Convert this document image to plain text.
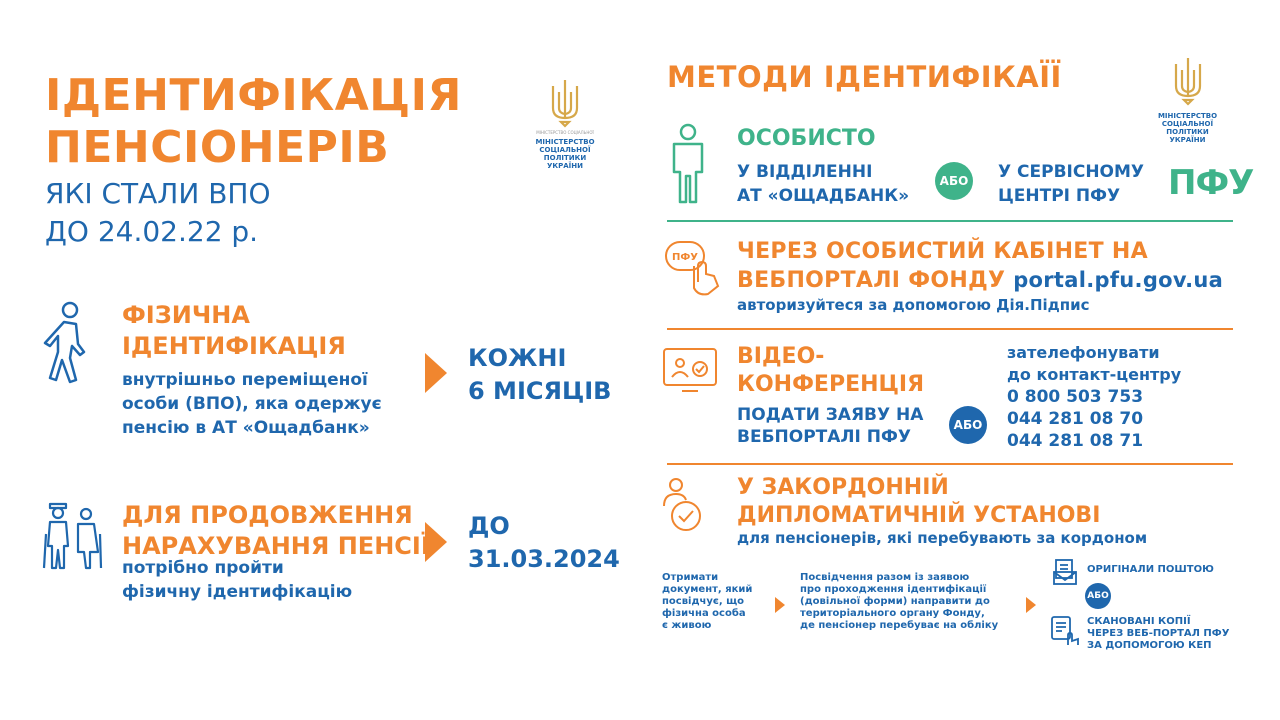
ІДЕНТИФІКАЦІЯ
ПЕНСІОНЕРІВ
ЯКІ СТАЛИ ВПО
ДО 24.02.22 р.
МІНІСТЕРСТВО СОЦІАЛЬНОЇ
МІНІСТЕРСТВО
СОЦІАЛЬНОЇ ПОЛІТИКИ
УКРАЇНИ
ФІЗИЧНА
ІДЕНТИФІКАЦІЯ
внутрішньо переміщеної
особи (ВПО), яка одержує
пенсію в АТ «Ощадбанк»
КОЖНІ
6 МІСЯЦІВ
ДЛЯ ПРОДОВЖЕННЯ
НАРАХУВАННЯ ПЕНСІЇ
потрібно пройти
фізичну ідентифікацію
ДО
31.03.2024
МЕТОДИ ІДЕНТИФІКАЇЇ
МІНІСТЕРСТВО
СОЦІАЛЬНОЇ ПОЛІТИКИ
УКРАЇНИ
ОСОБИСТО
У ВІДДІЛЕННІ
АТ «ОЩАДБАНК»
АБО У СЕРВІСНОМУ
ЦЕНТРІ ПФУ	ПФУ
ПФУ ЧЕРЕЗ ОСОБИСТИЙ КАБІНЕТ НА
ВЕБПОРТАЛІ ФОНДУ portal.pfu.gov.ua
авторизуйтеся за допомогою Дія.Підпис
ВІДЕО-
КОНФЕРЕНЦІЯ
ПОДАТИ ЗАЯВУ НА
ВЕБПОРТАЛІ ПФУ
АБО
зателефонувати
до контакт-центру
0 800 503 753
044 281 08 70
044 281 08 71
У ЗАКОРДОННІЙ
ДИПЛОМАТИЧНІЙ УСТАНОВІ
для пенсіонерів, які перебувають за кордоном
Отримати
документ, який
посвідчує, що
фізична особа
є живою
Посвідчення разом із заявою
про проходження ідентифікації
(довільної форми) направити до
територіального органу Фонду,
де пенсіонер перебуває на обліку
ОРИГІНАЛИ ПОШТОЮ
АБО
СКАНОВАНІ КОПІЇ
ЧЕРЕЗ ВЕБ-ПОРТАЛ ПФУ
ЗА ДОПОМОГОЮ КЕП
